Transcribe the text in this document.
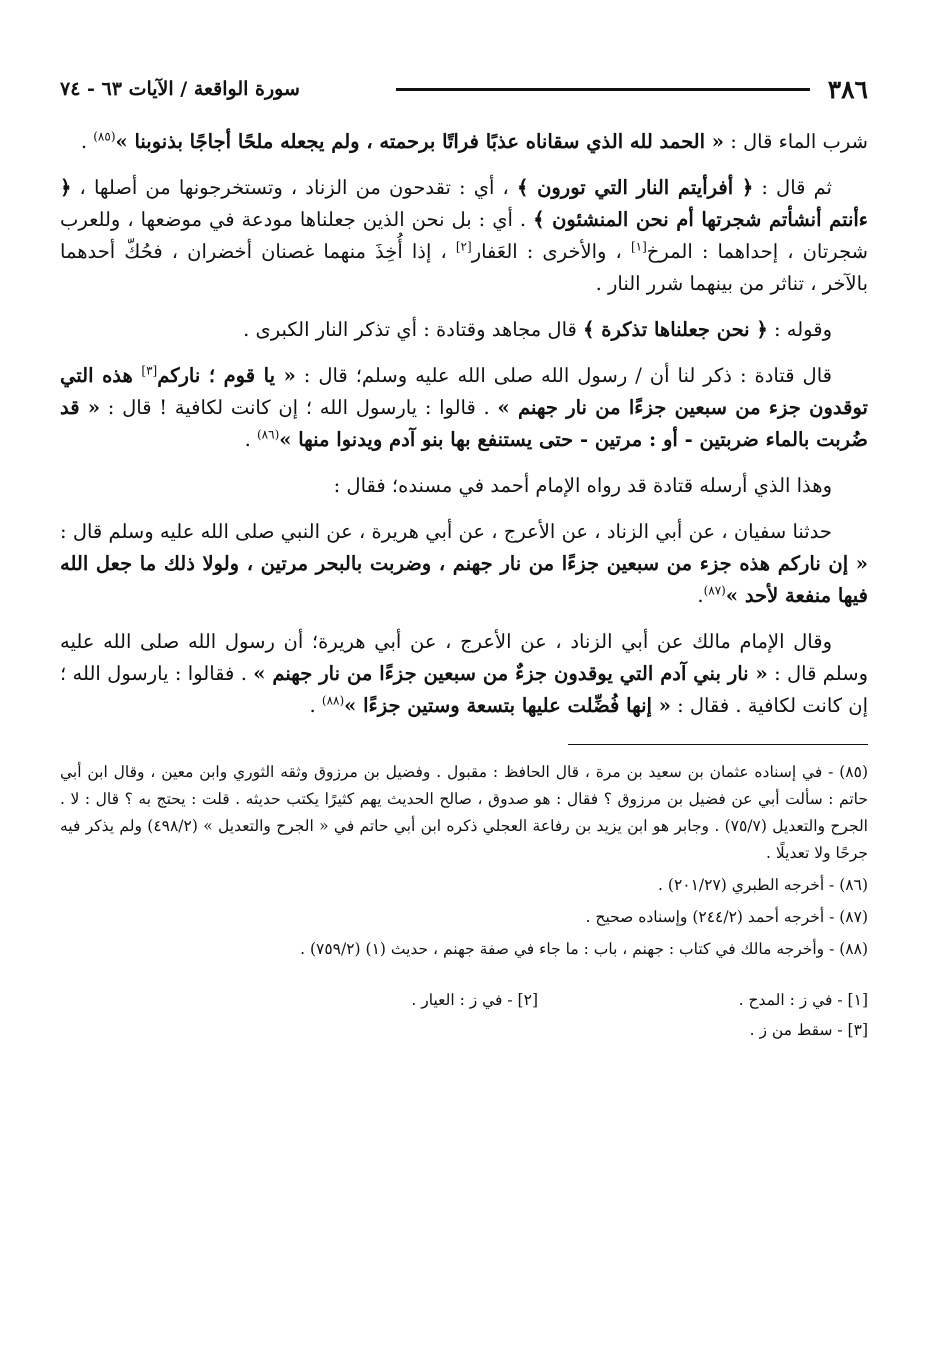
٣٨٦
سورة الواقعة / الآيات ٦٣ - ٧٤

شرب الماء قال : « الحمد لله الذي سقاناه عذبًا فراتًا برحمته ، ولم يجعله ملحًا أجاجًا بذنوبنا »$^{(٨٥)}$ .

ثم قال : ﴿ أفرأيتم النار التي تورون ﴾ ، أي : تقدحون من الزناد ، وتستخرجونها من أصلها ، ﴿ ءأنتم أنشأتم شجرتها أم نحن المنشئون ﴾ . أي : بل نحن الذين جعلناها مودعة في موضعها ، وللعرب شجرتان ، إحداهما : المرخ[١] ، والأخرى : العَفار[٢] ، إذا أُخِذَ منهما غصنان أخضران ، فحُكّ أحدهما بالآخر ، تناثر من بينهما شرر النار .

وقوله : ﴿ نحن جعلناها تذكرة ﴾ قال مجاهد وقتادة : أي تذكر النار الكبرى .

قال قتادة : ذكر لنا أن / رسول الله صلى الله عليه وسلم؛ قال : « يا قوم ؛ ناركم[٣] هذه التي توقدون جزء من سبعين جزءًا من نار جهنم » . قالوا : يارسول الله ؛ إن كانت لكافية ! قال : « قد ضُربت بالماء ضربتين - أو : مرتين - حتى يستنفع بها بنو آدم ويدنوا منها »$^{(٨٦)}$ .

وهذا الذي أرسله قتادة قد رواه الإمام أحمد في مسنده؛ فقال :

حدثنا سفيان ، عن أبي الزناد ، عن الأعرج ، عن أبي هريرة ، عن النبي صلى الله عليه وسلم قال : « إن ناركم هذه جزء من سبعين جزءًا من نار جهنم ، وضربت بالبحر مرتين ، ولولا ذلك ما جعل الله فيها منفعة لأحد »$^{(٨٧)}$.

وقال الإمام مالك عن أبي الزناد ، عن الأعرج ، عن أبي هريرة؛ أن رسول الله صلى الله عليه وسلم قال : « نار بني آدم التي يوقدون جزءٌ من سبعين جزءًا من نار جهنم » . فقالوا : يارسول الله ؛ إن كانت لكافية . فقال : « إنها فُضِّلت عليها بتسعة وستين جزءًا »$^{(٨٨)}$ .

(٨٥) - في إسناده عثمان بن سعيد بن مرة ، قال الحافظ : مقبول . وفضيل بن مرزوق وثقه الثوري وابن معين ، وقال ابن أبي حاتم : سألت أبي عن فضيل بن مرزوق ؟ فقال : هو صدوق ، صالح الحديث يهم كثيرًا يكتب حديثه . قلت : يحتج به ؟ قال : لا . الجرح والتعديل (٧٥/٧) . وجابر هو ابن يزيد بن رفاعة العجلي ذكره ابن أبي حاتم في « الجرح والتعديل » (٤٩٨/٢) ولم يذكر فيه جرحًا ولا تعديلًا .

(٨٦) - أخرجه الطبري (٢٠١/٢٧) .

(٨٧) - أخرجه أحمد (٢٤٤/٢) وإسناده صحيح .

(٨٨) - وأخرجه مالك في كتاب : جهنم ، باب : ما جاء في صفة جهنم ، حديث (١) (٧٥٩/٢) .

[١] - في ز : المدح .
[٢] - في ز : العيار .
[٣] - سقط من ز .
